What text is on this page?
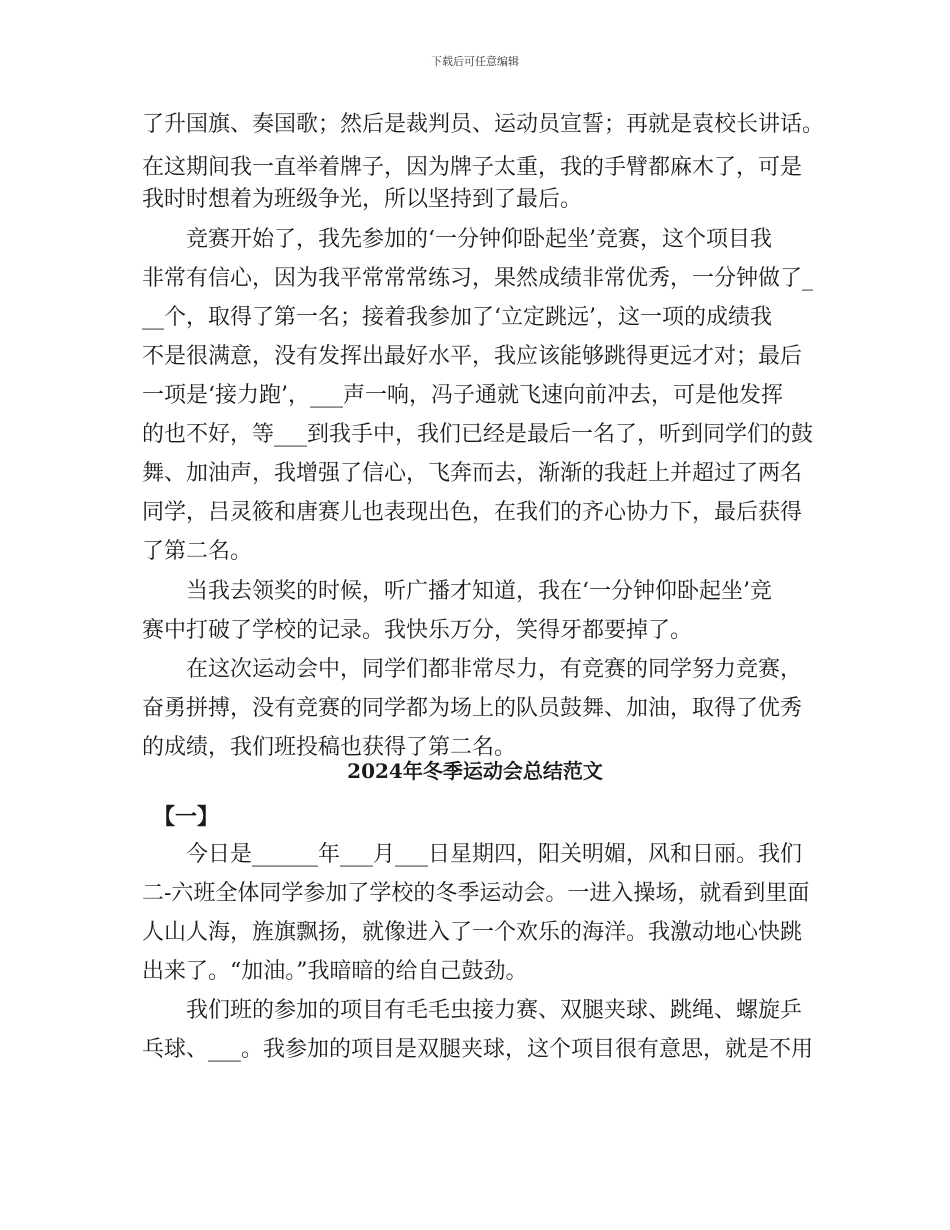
下载后可任意编辑
了升国旗、奏国歌；然后是裁判员、运动员宣誓；再就是袁校长讲话。
在这期间我一直举着牌子，因为牌子太重，我的手臂都麻木了，可是
我时时想着为班级争光，所以坚持到了最后。
　　竞赛开始了，我先参加的‘一分钟仰卧起坐’竞赛，这个项目我
非常有信心，因为我平常常常练习，果然成绩非常优秀，一分钟做了_
__个，取得了第一名；接着我参加了‘立定跳远’，这一项的成绩我
不是很满意，没有发挥出最好水平，我应该能够跳得更远才对；最后
一项是‘接力跑’，___声一响，冯子通就飞速向前冲去，可是他发挥
的也不好，等___到我手中，我们已经是最后一名了，听到同学们的鼓
舞、加油声，我增强了信心，飞奔而去，渐渐的我赶上并超过了两名
同学，吕灵筱和唐赛儿也表现出色，在我们的齐心协力下，最后获得
了第二名。
　　当我去领奖的时候，听广播才知道，我在‘一分钟仰卧起坐’竞
赛中打破了学校的记录。我快乐万分，笑得牙都要掉了。
　　在这次运动会中，同学们都非常尽力，有竞赛的同学努力竞赛，
奋勇拼搏，没有竞赛的同学都为场上的队员鼓舞、加油，取得了优秀
的成绩，我们班投稿也获得了第二名。
2024年冬季运动会总结范文
　【一】
　　今日是______年___月___日星期四，阳关明媚，风和日丽。我们
二-六班全体同学参加了学校的冬季运动会。一进入操场，就看到里面
人山人海，旌旗飘扬，就像进入了一个欢乐的海洋。我激动地心快跳
出来了。“加油。”我暗暗的给自己鼓劲。
　　我们班的参加的项目有毛毛虫接力赛、双腿夹球、跳绳、螺旋乒
乓球、___。我参加的项目是双腿夹球，这个项目很有意思，就是不用
